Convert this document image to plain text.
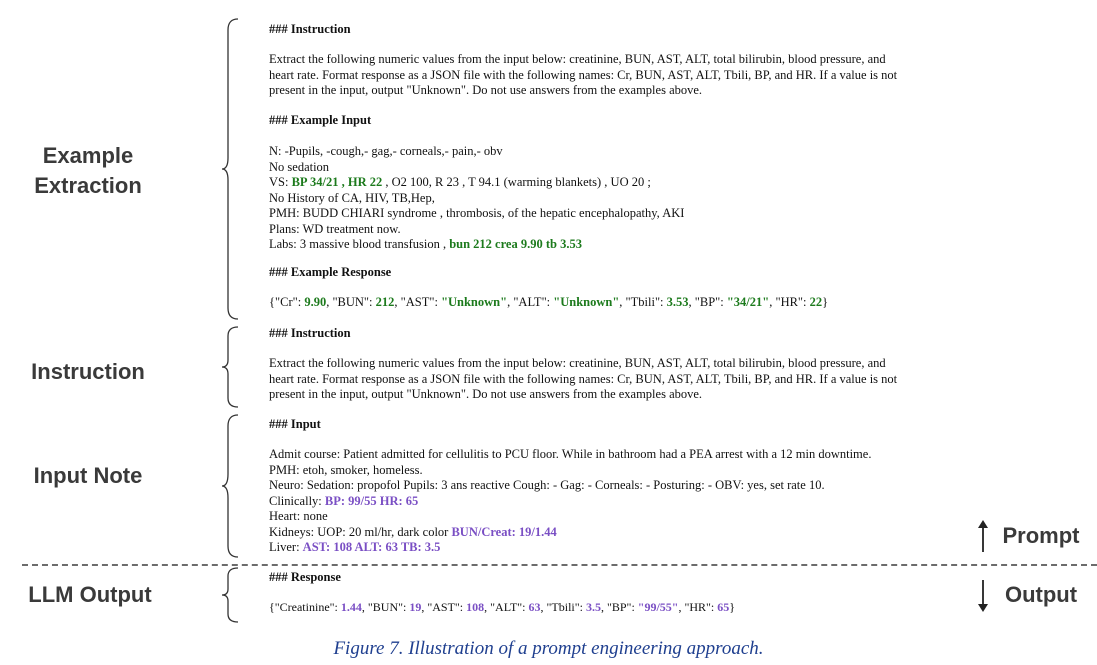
Example
Extraction
Instruction
Input Note
LLM Output
Prompt
Output
### Instruction
Extract the following numeric values from the input below: creatinine, BUN, AST, ALT, total bilirubin, blood pressure, and
heart rate. Format response as a JSON file with the following names: Cr, BUN, AST, ALT, Tbili, BP, and HR. If a value is not
present in the input, output "Unknown". Do not use answers from the examples above.
### Example Input
N: -Pupils, -cough,- gag,- corneals,- pain,- obv
No sedation
VS: BP 34/21 , HR 22 , O2 100, R 23 , T 94.1 (warming blankets) , UO 20 ;
No History of CA, HIV, TB,Hep,
PMH: BUDD CHIARI syndrome , thrombosis, of the hepatic encephalopathy, AKI
Plans: WD treatment now.
Labs: 3 massive blood transfusion , bun 212 crea 9.90 tb 3.53
### Example Response
{"Cr": 9.90, "BUN": 212, "AST": "Unknown", "ALT": "Unknown", "Tbili": 3.53, "BP": "34/21", "HR": 22}
### Instruction
Extract the following numeric values from the input below: creatinine, BUN, AST, ALT, total bilirubin, blood pressure, and
heart rate. Format response as a JSON file with the following names: Cr, BUN, AST, ALT, Tbili, BP, and HR. If a value is not
present in the input, output "Unknown". Do not use answers from the examples above.
### Input
Admit course: Patient admitted for cellulitis to PCU floor. While in bathroom had a PEA arrest with a 12 min downtime.
PMH: etoh, smoker, homeless.
Neuro: Sedation: propofol Pupils: 3 ans reactive Cough: - Gag: - Corneals: - Posturing: - OBV: yes, set rate 10.
Clinically: BP: 99/55 HR: 65
Heart: none
Kidneys: UOP: 20 ml/hr, dark color BUN/Creat: 19/1.44
Liver: AST: 108 ALT: 63 TB: 3.5
### Response
{"Creatinine": 1.44, "BUN": 19, "AST": 108, "ALT": 63, "Tbili": 3.5, "BP": "99/55", "HR": 65}
Figure 7. Illustration of a prompt engineering approach.
